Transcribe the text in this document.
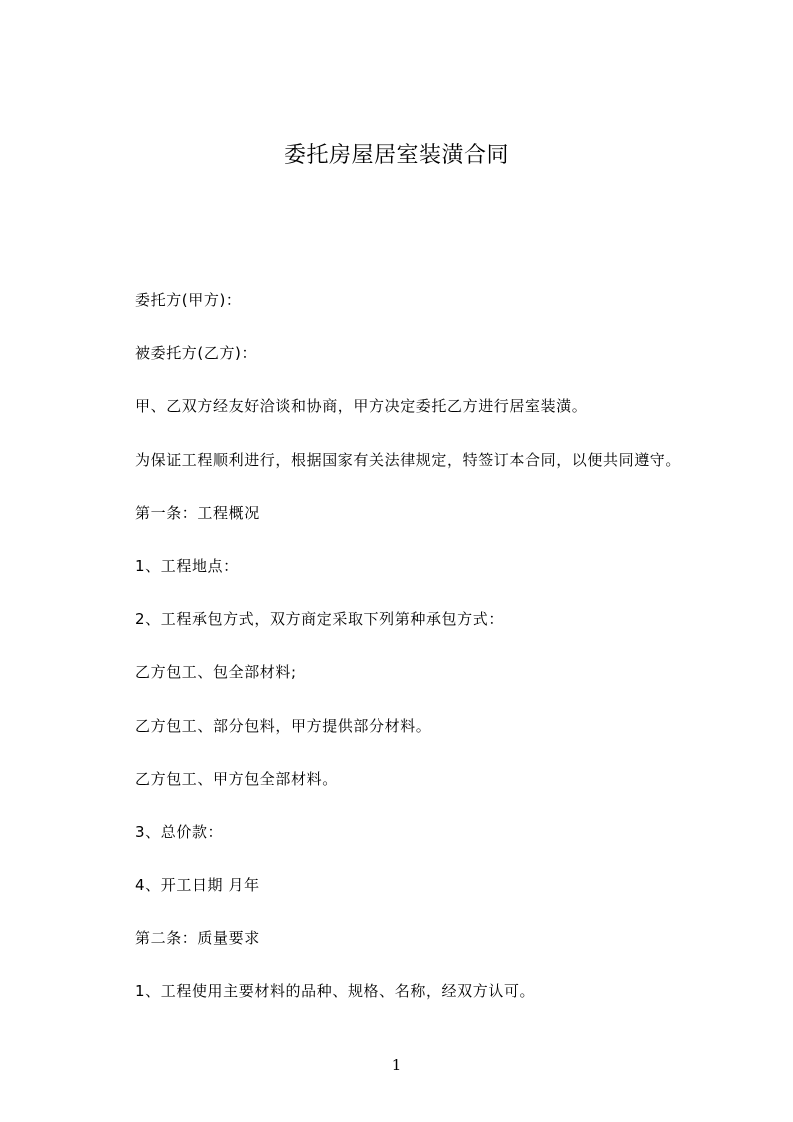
委托房屋居室装潢合同
委托方(甲方)：
被委托方(乙方)：
甲、乙双方经友好洽谈和协商，甲方决定委托乙方进行居室装潢。
为保证工程顺利进行，根据国家有关法律规定，特签订本合同，以便共同遵守。
第一条：工程概况
1、工程地点：
2、工程承包方式，双方商定采取下列第种承包方式：
乙方包工、包全部材料;
乙方包工、部分包料，甲方提供部分材料。
乙方包工、甲方包全部材料。
3、总价款：
4、开工日期 月年
第二条：质量要求
1、工程使用主要材料的品种、规格、名称，经双方认可。
1
